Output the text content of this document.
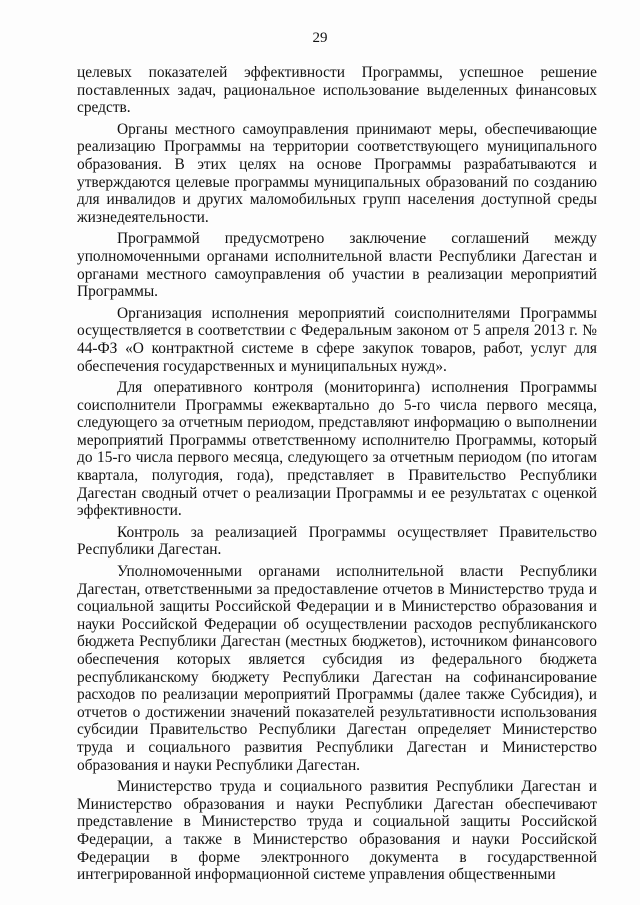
29

целевых показателей эффективности Программы, успешное решение поставленных задач, рациональное использование выделенных финансовых средств.

Органы местного самоуправления принимают меры, обеспечивающие реализацию Программы на территории соответствующего муниципального образования. В этих целях на основе Программы разрабатываются и утверждаются целевые программы муниципальных образований по созданию для инвалидов и других маломобильных групп населения доступной среды жизнедеятельности.

Программой предусмотрено заключение соглашений между уполномоченными органами исполнительной власти Республики Дагестан и органами местного самоуправления об участии в реализации мероприятий Программы.

Организация исполнения мероприятий соисполнителями Программы осуществляется в соответствии с Федеральным законом от 5 апреля 2013 г. № 44-ФЗ «О контрактной системе в сфере закупок товаров, работ, услуг для обеспечения государственных и муниципальных нужд».

Для оперативного контроля (мониторинга) исполнения Программы соисполнители Программы ежеквартально до 5-го числа первого месяца, следующего за отчетным периодом, представляют информацию о выполнении мероприятий Программы ответственному исполнителю Программы, который до 15-го числа первого месяца, следующего за отчетным периодом (по итогам квартала, полугодия, года), представляет в Правительство Республики Дагестан сводный отчет о реализации Программы и ее результатах с оценкой эффективности.

Контроль за реализацией Программы осуществляет Правительство Республики Дагестан.

Уполномоченными органами исполнительной власти Республики Дагестан, ответственными за предоставление отчетов в Министерство труда и социальной защиты Российской Федерации и в Министерство образования и науки Российской Федерации об осуществлении расходов республиканского бюджета Республики Дагестан (местных бюджетов), источником финансового обеспечения которых является субсидия из федерального бюджета республиканскому бюджету Республики Дагестан на софинансирование расходов по реализации мероприятий Программы (далее также Субсидия), и отчетов о достижении значений показателей результативности использования субсидии Правительство Республики Дагестан определяет Министерство труда и социального развития Республики Дагестан и Министерство образования и науки Республики Дагестан.

Министерство труда и социального развития Республики Дагестан и Министерство образования и науки Республики Дагестан обеспечивают представление в Министерство труда и социальной защиты Российской Федерации, а также в Министерство образования и науки Российской Федерации в форме электронного документа в государственной интегрированной информационной системе управления общественными
